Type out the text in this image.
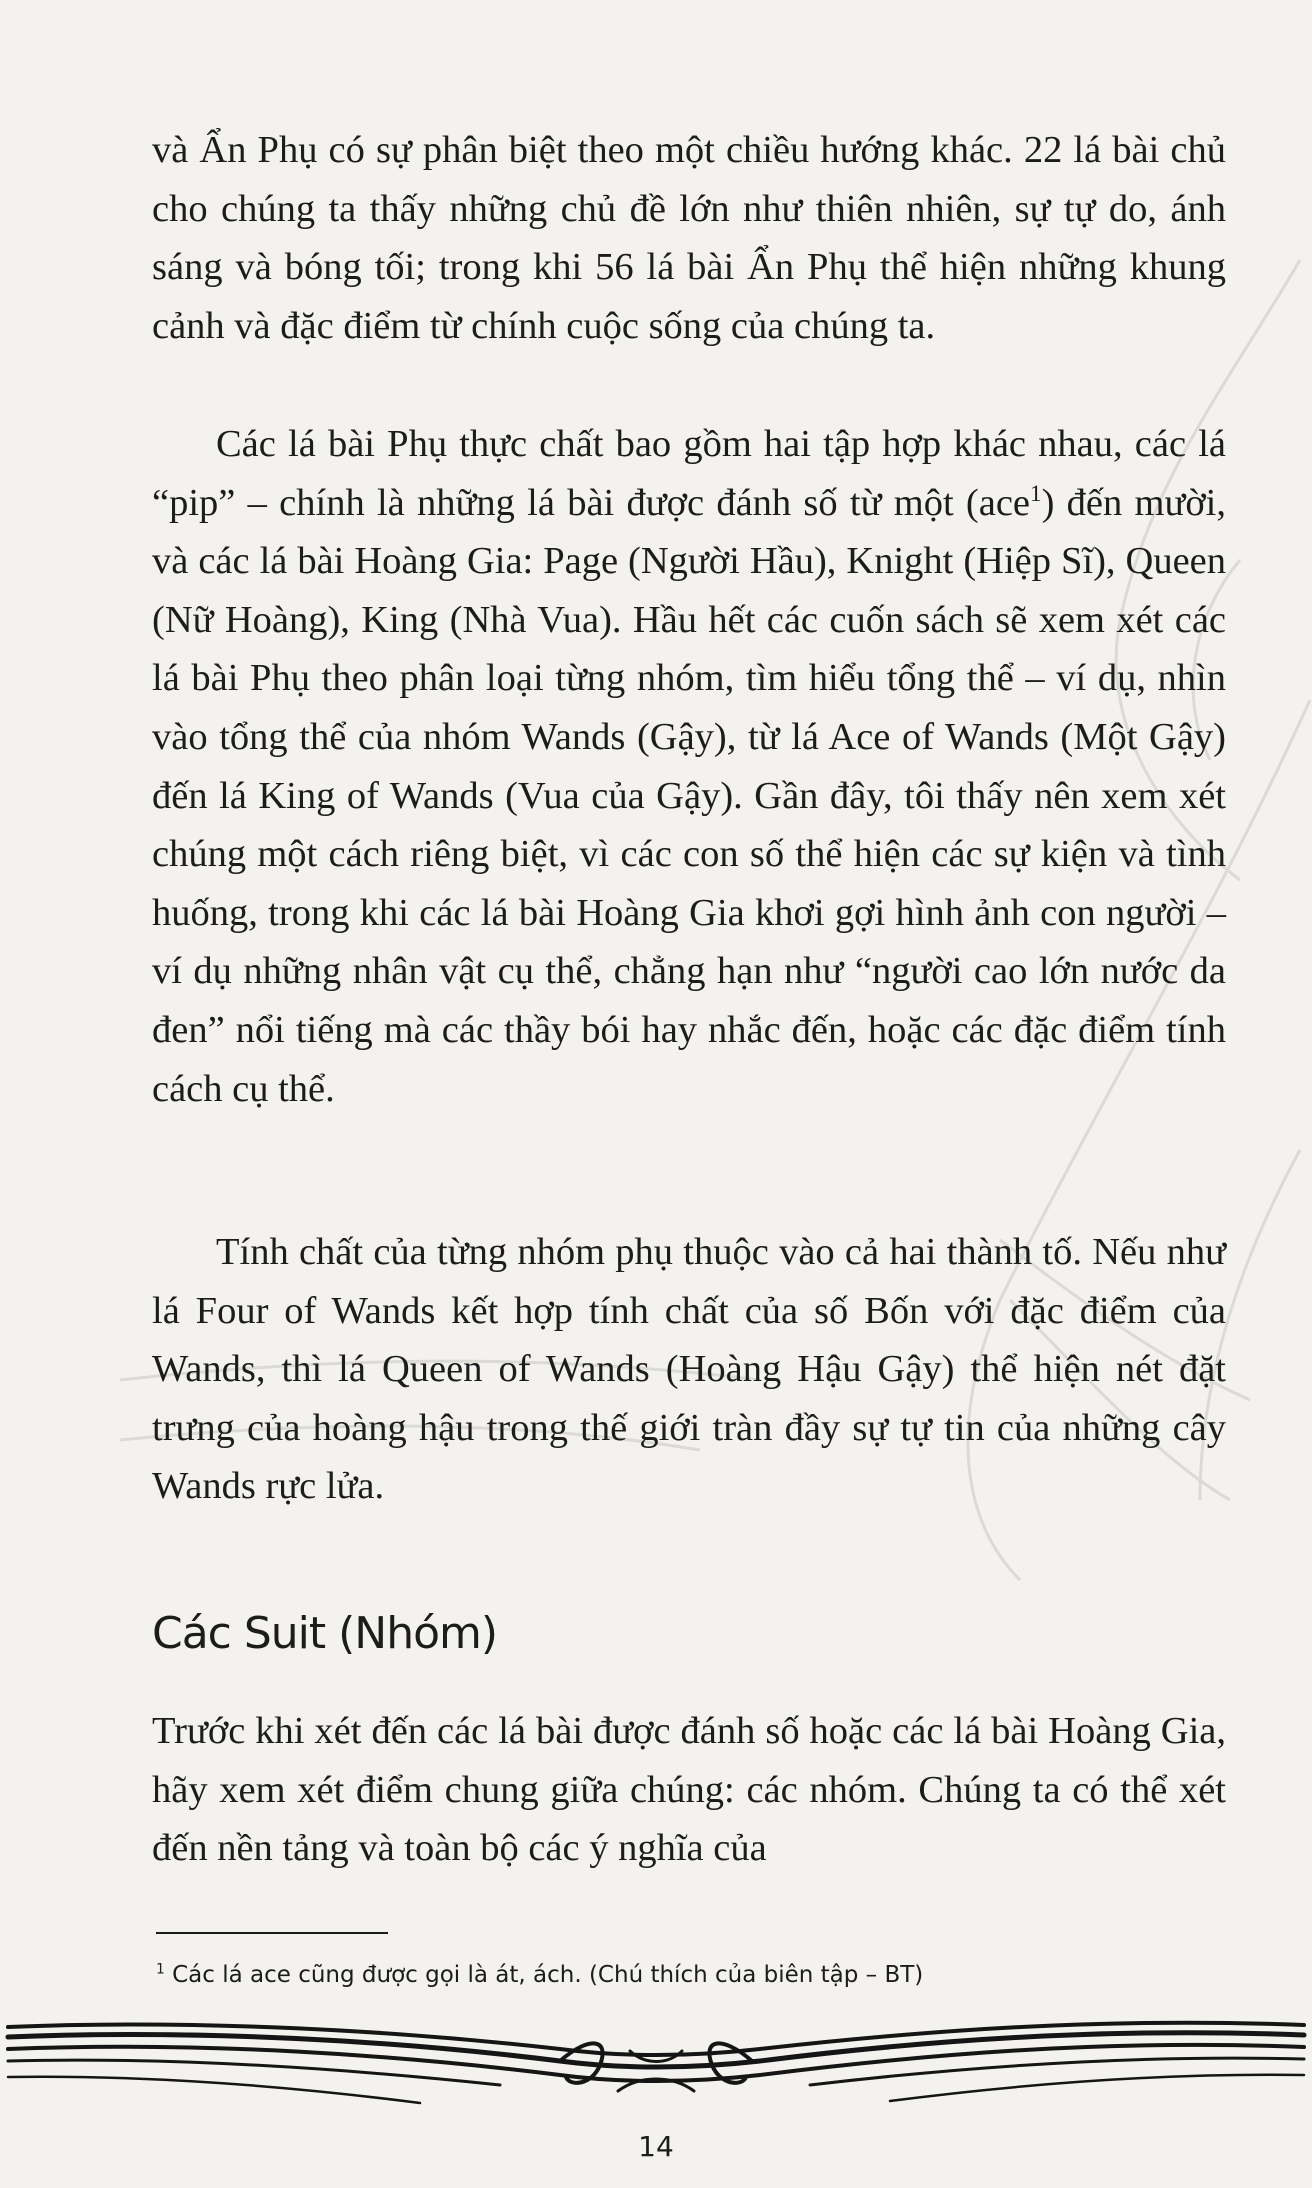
và Ẩn Phụ có sự phân biệt theo một chiều hướng khác. 22 lá bài chủ cho chúng ta thấy những chủ đề lớn như thiên nhiên, sự tự do, ánh sáng và bóng tối; trong khi 56 lá bài Ẩn Phụ thể hiện những khung cảnh và đặc điểm từ chính cuộc sống của chúng ta.

Các lá bài Phụ thực chất bao gồm hai tập hợp khác nhau, các lá “pip” – chính là những lá bài được đánh số từ một (ace$^1$) đến mười, và các lá bài Hoàng Gia: Page (Người Hầu), Knight (Hiệp Sĩ), Queen (Nữ Hoàng), King (Nhà Vua). Hầu hết các cuốn sách sẽ xem xét các lá bài Phụ theo phân loại từng nhóm, tìm hiểu tổng thể – ví dụ, nhìn vào tổng thể của nhóm Wands (Gậy), từ lá Ace of Wands (Một Gậy) đến lá King of Wands (Vua của Gậy). Gần đây, tôi thấy nên xem xét chúng một cách riêng biệt, vì các con số thể hiện các sự kiện và tình huống, trong khi các lá bài Hoàng Gia khơi gợi hình ảnh con người – ví dụ những nhân vật cụ thể, chẳng hạn như “người cao lớn nước da đen” nổi tiếng mà các thầy bói hay nhắc đến, hoặc các đặc điểm tính cách cụ thể.

Tính chất của từng nhóm phụ thuộc vào cả hai thành tố. Nếu như lá Four of Wands kết hợp tính chất của số Bốn với đặc điểm của Wands, thì lá Queen of Wands (Hoàng Hậu Gậy) thể hiện nét đặt trưng của hoàng hậu trong thế giới tràn đầy sự tự tin của những cây Wands rực lửa.

Các Suit (Nhóm)

Trước khi xét đến các lá bài được đánh số hoặc các lá bài Hoàng Gia, hãy xem xét điểm chung giữa chúng: các nhóm. Chúng ta có thể xét đến nền tảng và toàn bộ các ý nghĩa của

$^1$ Các lá ace cũng được gọi là át, ách. (Chú thích của biên tập – BT)
14
